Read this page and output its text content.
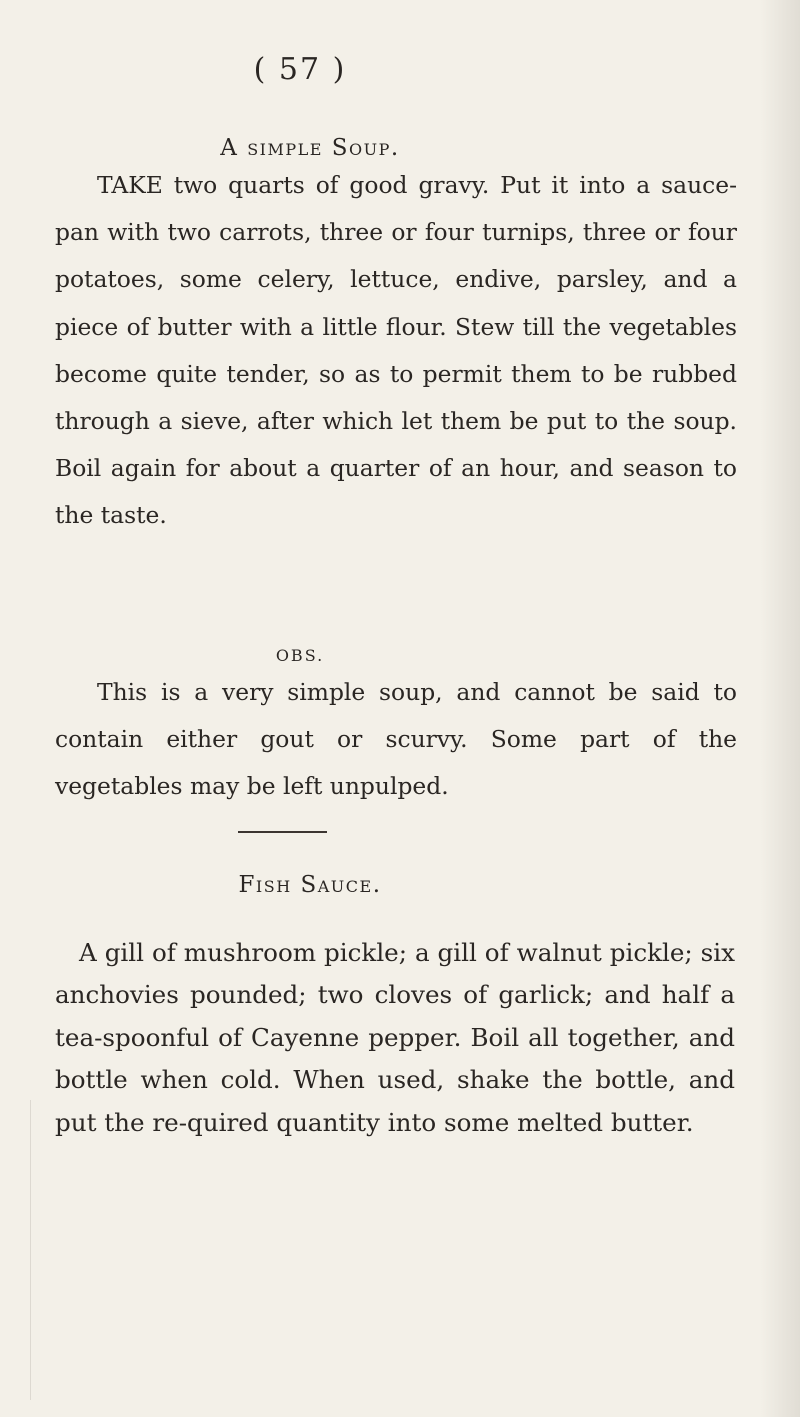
( 57 )
A simple Soup.

TAKE two quarts of good gravy. Put it into a sauce-pan with two carrots, three or four turnips, three or four potatoes, some celery, lettuce, endive, parsley, and a piece of butter with a little flour. Stew till the vegetables become quite tender, so as to permit them to be rubbed through a sieve, after which let them be put to the soup. Boil again for about a quarter of an hour, and season to the taste.

OBS.

This is a very simple soup, and cannot be said to contain either gout or scurvy. Some part of the vegetables may be left unpulped.

Fish Sauce.

A gill of mushroom pickle; a gill of walnut pickle; six anchovies pounded; two cloves of garlick; and half a tea-spoonful of Cayenne pepper. Boil all together, and bottle when cold. When used, shake the bottle, and put the re-quired quantity into some melted butter.
